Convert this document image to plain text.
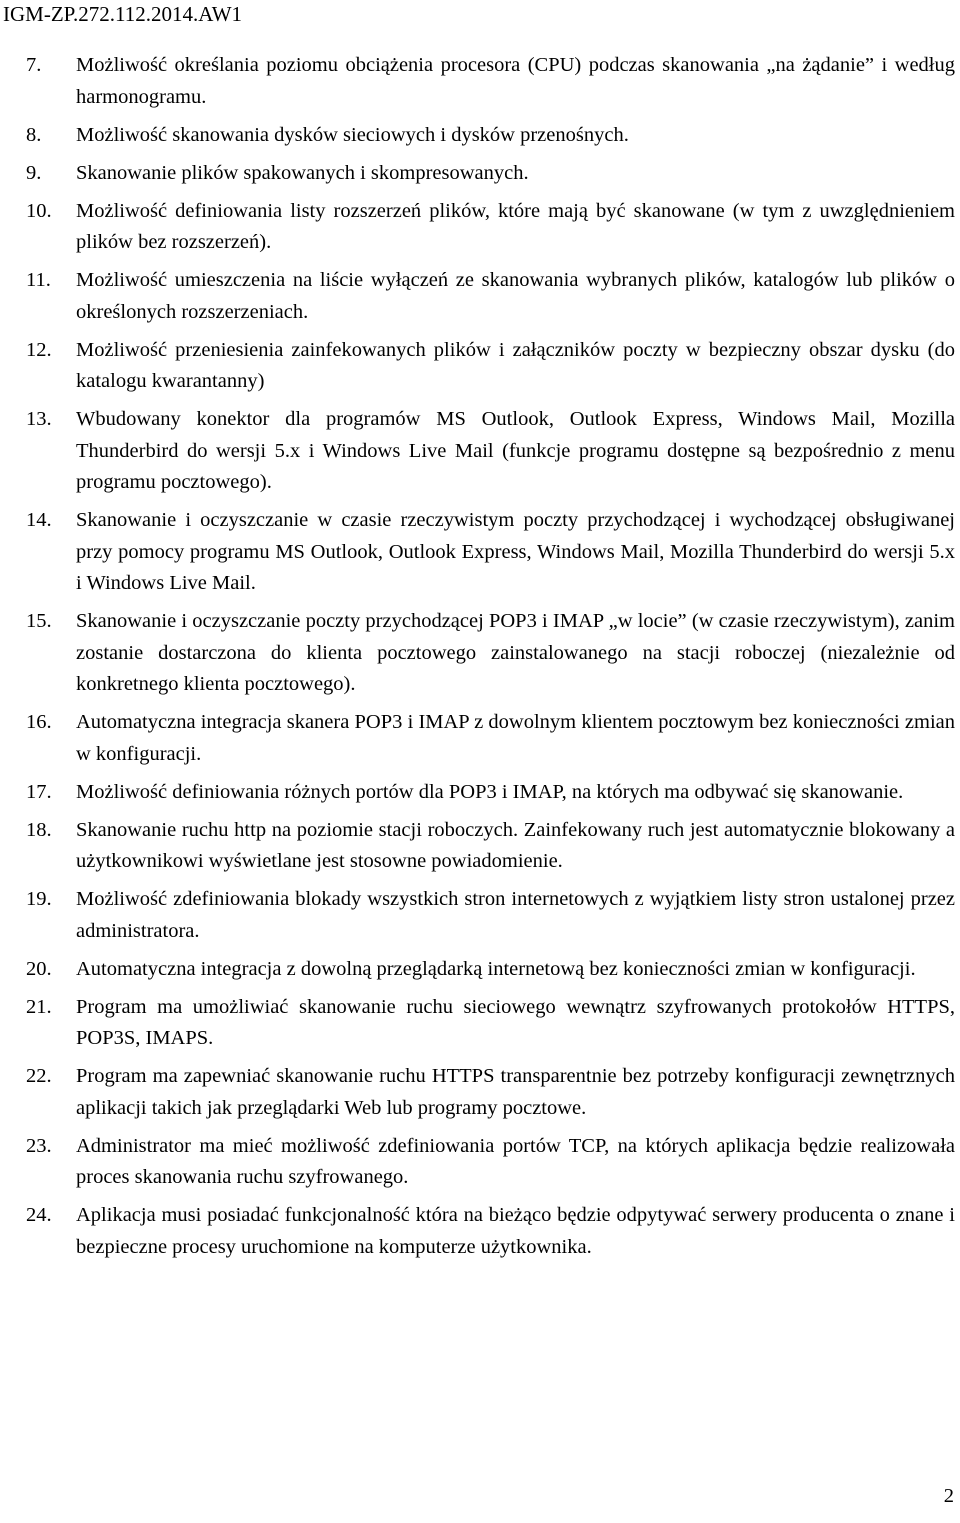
IGM-ZP.272.112.2014.AW1
7.	Możliwość określania poziomu obciążenia procesora (CPU) podczas skanowania „na żądanie” i według harmonogramu.
8.	Możliwość skanowania dysków sieciowych i dysków przenośnych.
9.	Skanowanie plików spakowanych i skompresowanych.
10.	Możliwość definiowania listy rozszerzeń plików, które mają być skanowane (w tym z uwzględnieniem plików bez rozszerzeń).
11.	Możliwość umieszczenia na liście wyłączeń ze skanowania wybranych plików, katalogów lub plików o określonych rozszerzeniach.
12.	Możliwość przeniesienia zainfekowanych plików i załączników poczty w bezpieczny obszar dysku (do katalogu kwarantanny)
13.	Wbudowany konektor dla programów MS Outlook, Outlook Express, Windows Mail, Mozilla Thunderbird do wersji 5.x i Windows Live Mail (funkcje programu dostępne są bezpośrednio z menu programu pocztowego).
14.	Skanowanie i oczyszczanie w czasie rzeczywistym poczty przychodzącej i wychodzącej obsługiwanej przy pomocy programu MS Outlook, Outlook Express, Windows Mail, Mozilla Thunderbird do wersji 5.x i Windows Live Mail.
15.	Skanowanie i oczyszczanie poczty przychodzącej POP3 i IMAP „w locie” (w czasie rzeczywistym), zanim zostanie dostarczona do klienta pocztowego zainstalowanego na stacji roboczej (niezależnie od konkretnego klienta pocztowego).
16.	Automatyczna integracja skanera POP3 i IMAP z dowolnym klientem pocztowym bez konieczności zmian w konfiguracji.
17.	Możliwość definiowania różnych portów dla POP3 i IMAP, na których ma odbywać się skanowanie.
18.	Skanowanie ruchu http na poziomie stacji roboczych. Zainfekowany ruch jest automatycznie blokowany a użytkownikowi wyświetlane jest stosowne powiadomienie.
19.	Możliwość zdefiniowania blokady wszystkich stron internetowych z wyjątkiem listy stron ustalonej przez administratora.
20.	Automatyczna integracja z dowolną przeglądarką internetową bez konieczności zmian w konfiguracji.
21.	Program ma umożliwiać skanowanie ruchu sieciowego wewnątrz szyfrowanych protokołów HTTPS, POP3S, IMAPS.
22.	Program ma zapewniać skanowanie ruchu HTTPS transparentnie bez potrzeby konfiguracji zewnętrznych aplikacji takich jak przeglądarki Web lub programy pocztowe.
23.	Administrator ma mieć możliwość zdefiniowania portów TCP, na których aplikacja będzie realizowała proces skanowania ruchu szyfrowanego.
24.	Aplikacja musi posiadać funkcjonalność która na bieżąco będzie odpytywać serwery producenta o znane i bezpieczne procesy uruchomione na komputerze użytkownika.
2
